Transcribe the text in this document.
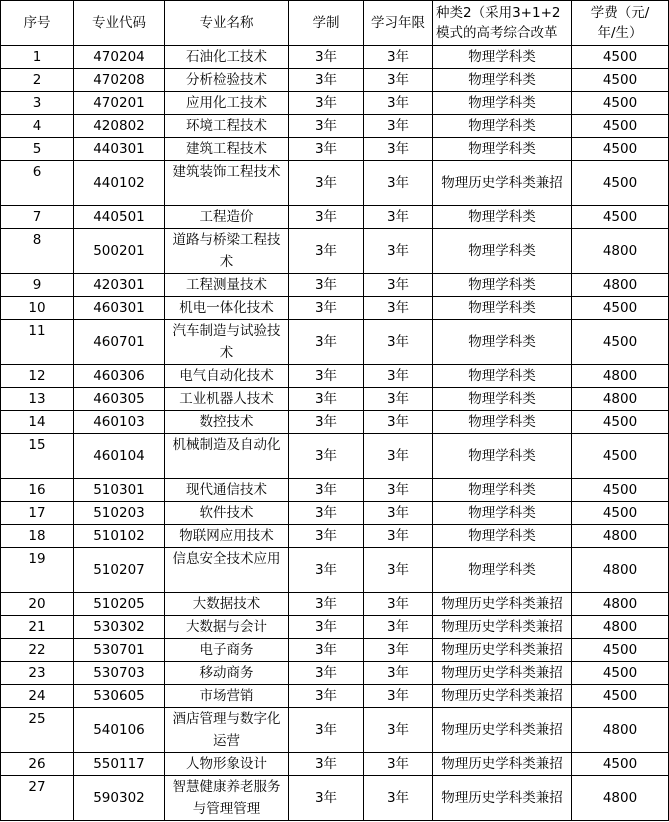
序号	专业代码	专业名称	学制	学习年限	种类2（采用3+1+2模式的高考综合改革	学费（元/年/生）
1	470204	石油化工技术	3年	3年	物理学科类	4500
2	470208	分析检验技术	3年	3年	物理学科类	4500
3	470201	应用化工技术	3年	3年	物理学科类	4500
4	420802	环境工程技术	3年	3年	物理学科类	4500
5	440301	建筑工程技术	3年	3年	物理学科类	4500
6	440102	建筑装饰工程技术	3年	3年	物理历史学科类兼招	4500
7	440501	工程造价	3年	3年	物理学科类	4500
8	500201	道路与桥梁工程技术	3年	3年	物理学科类	4800
9	420301	工程测量技术	3年	3年	物理学科类	4800
10	460301	机电一体化技术	3年	3年	物理学科类	4500
11	460701	汽车制造与试验技术	3年	3年	物理学科类	4500
12	460306	电气自动化技术	3年	3年	物理学科类	4800
13	460305	工业机器人技术	3年	3年	物理学科类	4800
14	460103	数控技术	3年	3年	物理学科类	4500
15	460104	机械制造及自动化	3年	3年	物理学科类	4500
16	510301	现代通信技术	3年	3年	物理学科类	4500
17	510203	软件技术	3年	3年	物理学科类	4500
18	510102	物联网应用技术	3年	3年	物理学科类	4800
19	510207	信息安全技术应用	3年	3年	物理学科类	4800
20	510205	大数据技术	3年	3年	物理历史学科类兼招	4800
21	530302	大数据与会计	3年	3年	物理历史学科类兼招	4800
22	530701	电子商务	3年	3年	物理历史学科类兼招	4500
23	530703	移动商务	3年	3年	物理历史学科类兼招	4500
24	530605	市场营销	3年	3年	物理历史学科类兼招	4500
25	540106	酒店管理与数字化运营	3年	3年	物理历史学科类兼招	4800
26	550117	人物形象设计	3年	3年	物理历史学科类兼招	4500
27	590302	智慧健康养老服务与管理管理	3年	3年	物理历史学科类兼招	4800
